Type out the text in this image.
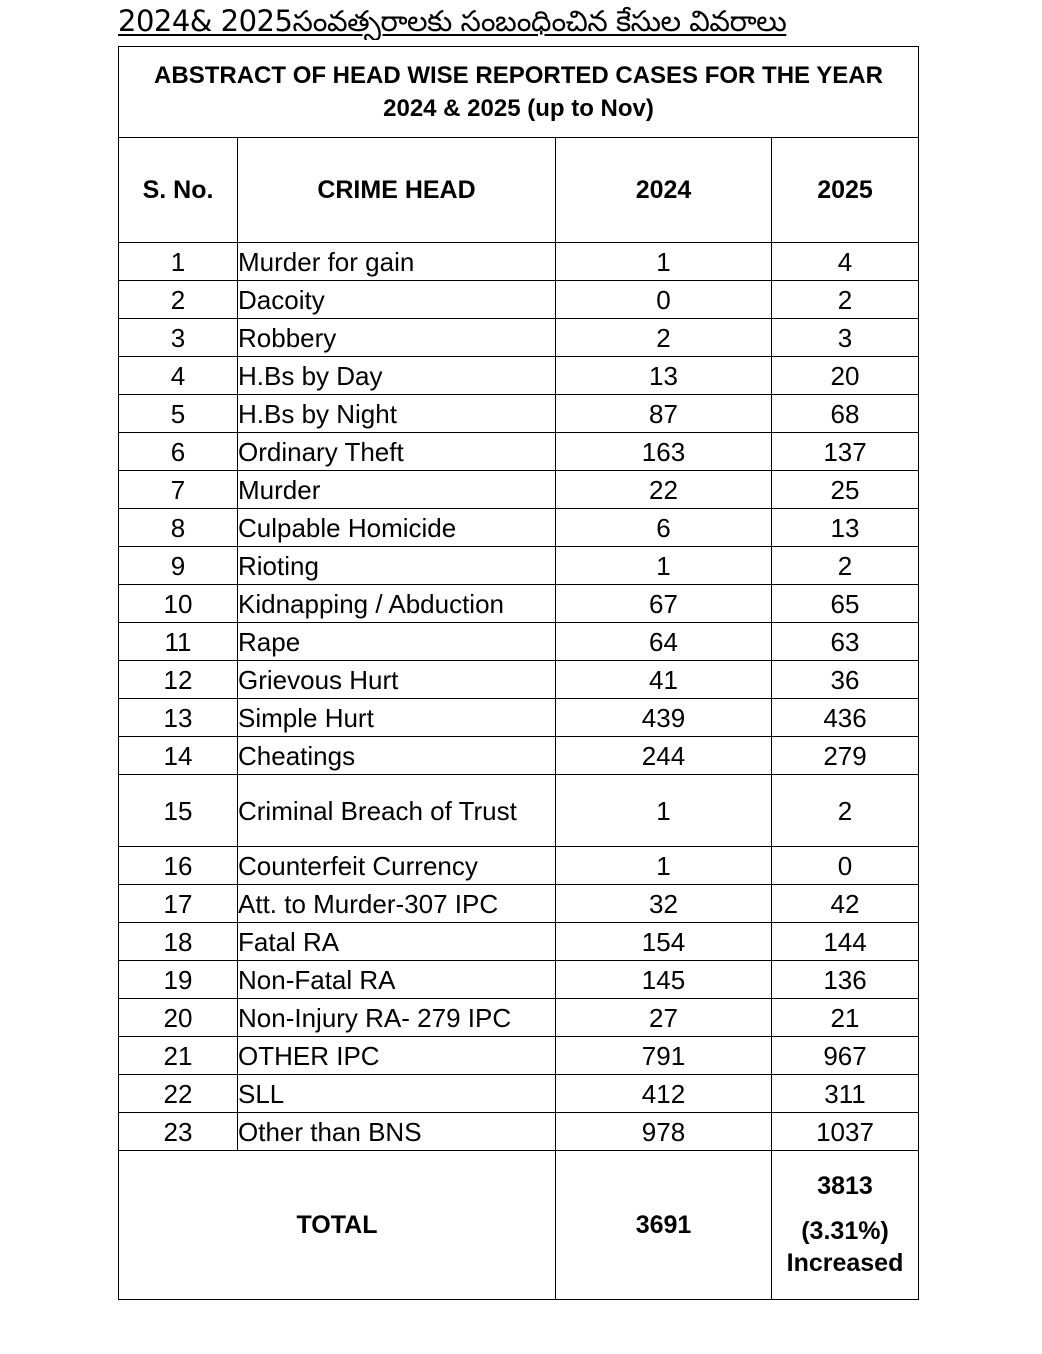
2024& 2025సంవత్సరాలకు సంబంధించిన కేసుల వివరాలు
ABSTRACT OF HEAD WISE REPORTED CASES FOR THE YEAR
2024 & 2025 (up to Nov)			

S. No.	CRIME HEAD	2024	2025
1	Murder for gain	1	4
2	Dacoity	0	2
3	Robbery	2	3
4	H.Bs by Day	13	20
5	H.Bs by Night	87	68
6	Ordinary Theft	163	137
7	Murder	22	25
8	Culpable Homicide	6	13
9	Rioting	1	2
10	Kidnapping / Abduction	67	65
11	Rape	64	63
12	Grievous Hurt	41	36
13	Simple Hurt	439	436
14	Cheatings	244	279
15	Criminal Breach of Trust	1	2
16	Counterfeit Currency	1	0
17	Att. to Murder-307 IPC	32	42
18	Fatal RA	154	144
19	Non-Fatal RA	145	136
20	Non-Injury RA- 279 IPC	27	21
21	OTHER IPC	791	967
22	SLL	412	311
23	Other than BNS	978	1037
TOTAL		3691	3813
(3.31%)
Increased
